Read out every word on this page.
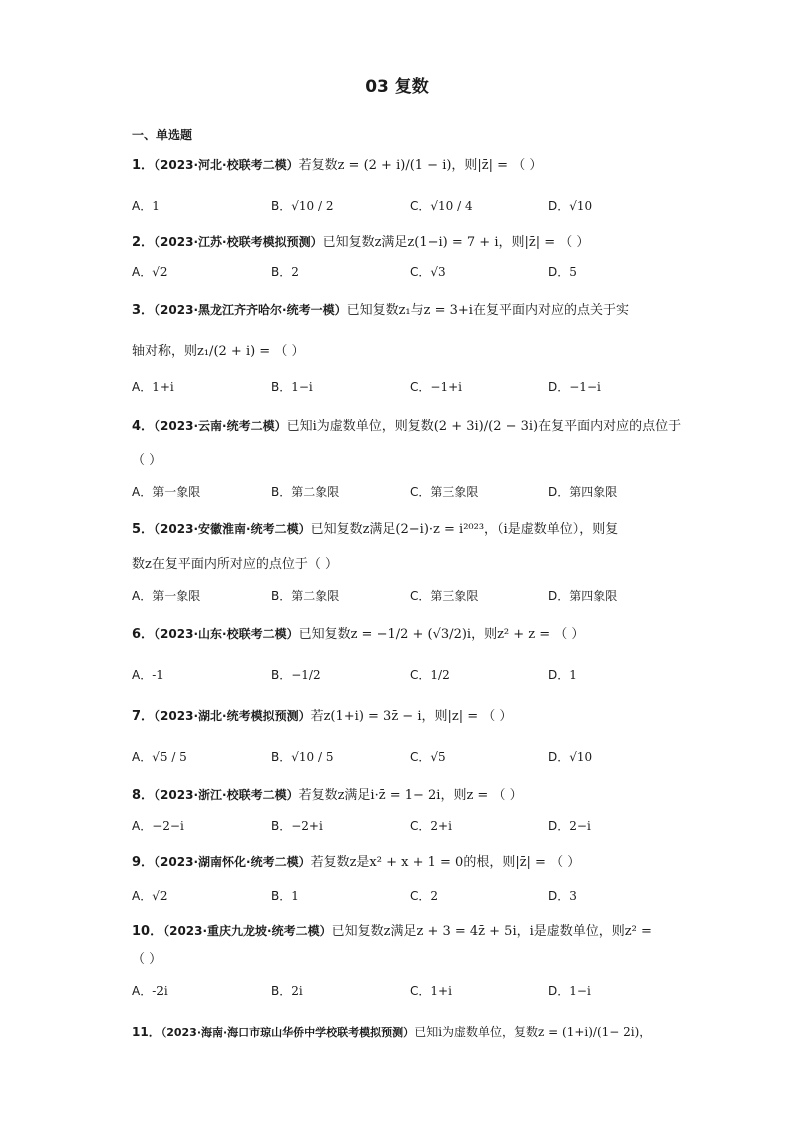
03 复数
一、单选题
1．（2023·河北·校联考二模）若复数z = (2 + i)/(1 − i)，则|z̄| = （ ）
A．1	B．√10 / 2	C．√10 / 4	D．√10
2．（2023·江苏·校联考模拟预测）已知复数z满足z(1−i) = 7 + i，则|z̄| = （ ）
A．√2	B．2	C．√3	D．5
3．（2023·黑龙江齐齐哈尔·统考一模）已知复数z₁与z = 3+i在复平面内对应的点关于实
轴对称，则z₁/(2 + i) = （ ）
A．1+i	B．1−i	C．−1+i	D．−1−i
4．（2023·云南·统考二模）已知i为虚数单位，则复数(2 + 3i)/(2 − 3i)在复平面内对应的点位于
（ ）
A．第一象限	B．第二象限	C．第三象限	D．第四象限
5．（2023·安徽淮南·统考二模）已知复数z满足(2−i)·z = i²⁰²³，（i是虚数单位），则复
数z在复平面内所对应的点位于（ ）
A．第一象限	B．第二象限	C．第三象限	D．第四象限
6．（2023·山东·校联考二模）已知复数z = −1/2 + (√3/2)i，则z² + z = （ ）
A．-1	B．−1/2	C．1/2	D．1
7．（2023·湖北·统考模拟预测）若z(1+i) = 3z̄ − i，则|z| = （ ）
A．√5 / 5	B．√10 / 5	C．√5	D．√10
8．（2023·浙江·校联考二模）若复数z满足i·z̄ = 1− 2i，则z = （ ）
A．−2−i	B．−2+i	C．2+i	D．2−i
9．（2023·湖南怀化·统考二模）若复数z是x² + x + 1 = 0的根，则|z̄| = （ ）
A．√2	B．1	C．2	D．3
10．（2023·重庆九龙坡·统考二模）已知复数z满足z + 3 = 4z̄ + 5i，i是虚数单位，则z² =
（ ）
A．-2i	B．2i	C．1+i	D．1−i
11．（2023·海南·海口市琼山华侨中学校联考模拟预测）已知i为虚数单位，复数z = (1+i)/(1− 2i)，
